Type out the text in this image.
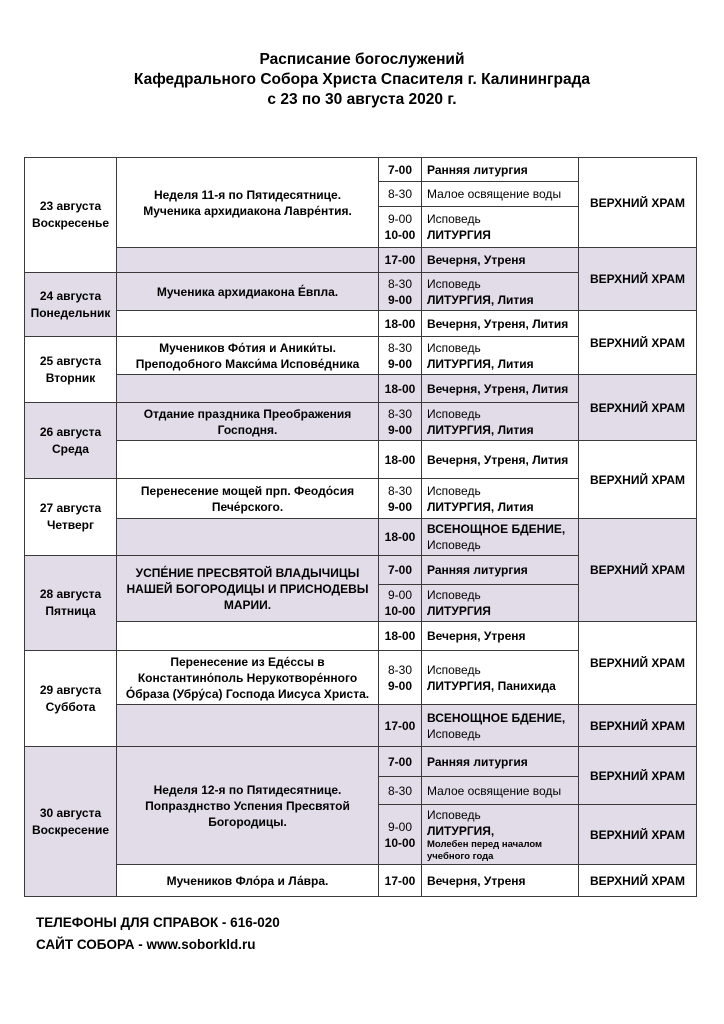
Расписание богослужений
Кафедрального Собора Христа Спасителя г. Калининграда
с 23 по 30 августа 2020 г.
23 августа
Воскресенье
24 августа
Понедельник
25 августа
Вторник
26 августа
Среда
27 августа
Четверг
28 августа
Пятница
29 августа
Суббота
30 августа
Воскресение
Неделя 11-я по Пятидесятнице.
Мученика архидиакона Лавре́нтия.
Мученика архидиакона Е́впла.
Мучеников Фо́тия и Аники́ты.
Преподобного Макси́ма Испове́дника
Отдание праздника Преображения
Господня.
Перенесение мощей прп. Феодо́сия
Пече́рского.
УСПЕ́НИЕ ПРЕСВЯТОЙ ВЛАДЫЧИЦЫ
НАШЕЙ БОГОРОДИЦЫ И ПРИСНОДЕВЫ
МАРИИ.
Перенесение из Еде́ссы в
Константино́поль Нерукотворе́нного
О́браза (Убру́са) Господа Иисуса Христа.
Неделя 12-я по Пятидесятнице.
Попразднство Успения Пресвятой
Богородицы.
Мучеников Фло́ра и Ла́вра.
7-00 Ранняя литургия
8-30 Малое освящение воды
9-00
10-00
Исповедь
ЛИТУРГИЯ
17-00 Вечерня, Утреня
8-30
9-00
Исповедь
ЛИТУРГИЯ, Лития
18-00 Вечерня, Утреня, Лития
8-30
9-00
Исповедь
ЛИТУРГИЯ, Лития
18-00 Вечерня, Утреня, Лития
8-30
9-00
Исповедь
ЛИТУРГИЯ, Лития
18-00 Вечерня, Утреня, Лития
8-30
9-00
Исповедь
ЛИТУРГИЯ, Лития
18-00
ВСЕНОЩНОЕ БДЕНИЕ,
Исповедь
7-00 Ранняя литургия
9-00
10-00
Исповедь
ЛИТУРГИЯ
18-00 Вечерня, Утреня
8-30
9-00
Исповедь
ЛИТУРГИЯ, Панихида
17-00
ВСЕНОЩНОЕ БДЕНИЕ,
Исповедь
7-00 Ранняя литургия
8-30 Малое освящение воды
9-00
10-00
Исповедь
ЛИТУРГИЯ,
Молебен перед началом учебного года
17-00 Вечерня, Утреня
ВЕРХНИЙ ХРАМ
ВЕРХНИЙ ХРАМ
ВЕРХНИЙ ХРАМ
ВЕРХНИЙ ХРАМ
ВЕРХНИЙ ХРАМ
ВЕРХНИЙ ХРАМ
ВЕРХНИЙ ХРАМ
ВЕРХНИЙ ХРАМ
ВЕРХНИЙ ХРАМ
ВЕРХНИЙ ХРАМ
ВЕРХНИЙ ХРАМ
ТЕЛЕФОНЫ ДЛЯ СПРАВОК - 616-020
САЙТ СОБОРА - www.soborkld.ru
